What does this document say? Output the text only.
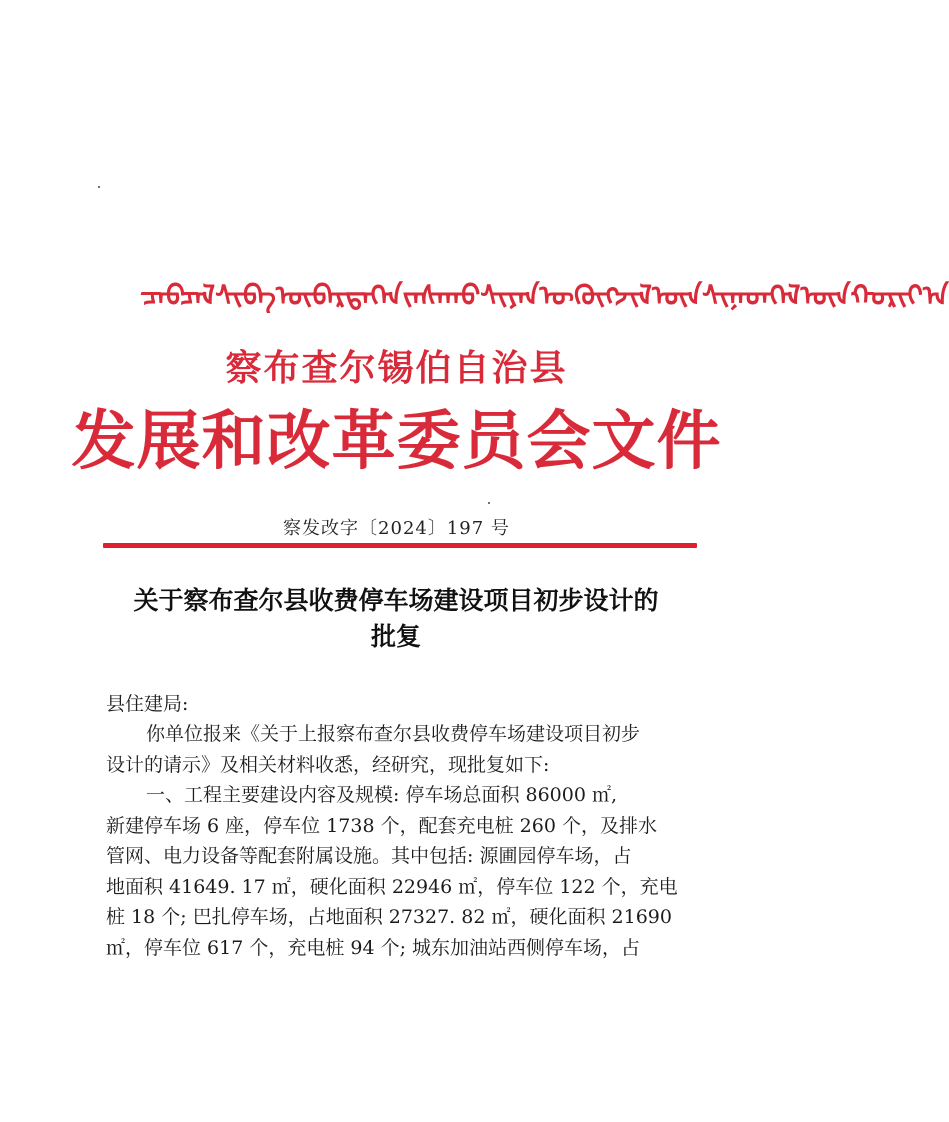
ᠴᠠᠪᠴᠠᠯ ᠰᠢᠪᠡ ᠦᠪᠡᠷᠲᠡᠭᠡᠨ ᠵᠠᠰᠠᠬᠤ ᠰᠢᠶᠠᠨ ᠦ ᠬᠦᠭᠵᠢᠯ ᠦᠨ ᠰᠢᠨᠡᠳᠬᠡᠯ ᠦᠨ ᠬᠣᠷᠢᠶ᠎ᠠ
察布查尔锡伯自治县
发展和改革委员会文件
察发改字〔2024〕197 号
关于察布查尔县收费停车场建设项目初步设计的
批复
县住建局:
你单位报来《关于上报察布查尔县收费停车场建设项目初步
设计的请示》及相关材料收悉，经研究，现批复如下:
一、工程主要建设内容及规模: 停车场总面积 86000 ㎡,
新建停车场 6 座，停车位 1738 个，配套充电桩 260 个，及排水
管网、电力设备等配套附属设施。其中包括: 源圃园停车场，占
地面积 41649. 17 ㎡，硬化面积 22946 ㎡，停车位 122 个，充电
桩 18 个; 巴扎停车场，占地面积 27327. 82 ㎡，硬化面积 21690
㎡，停车位 617 个，充电桩 94 个; 城东加油站西侧停车场，占
